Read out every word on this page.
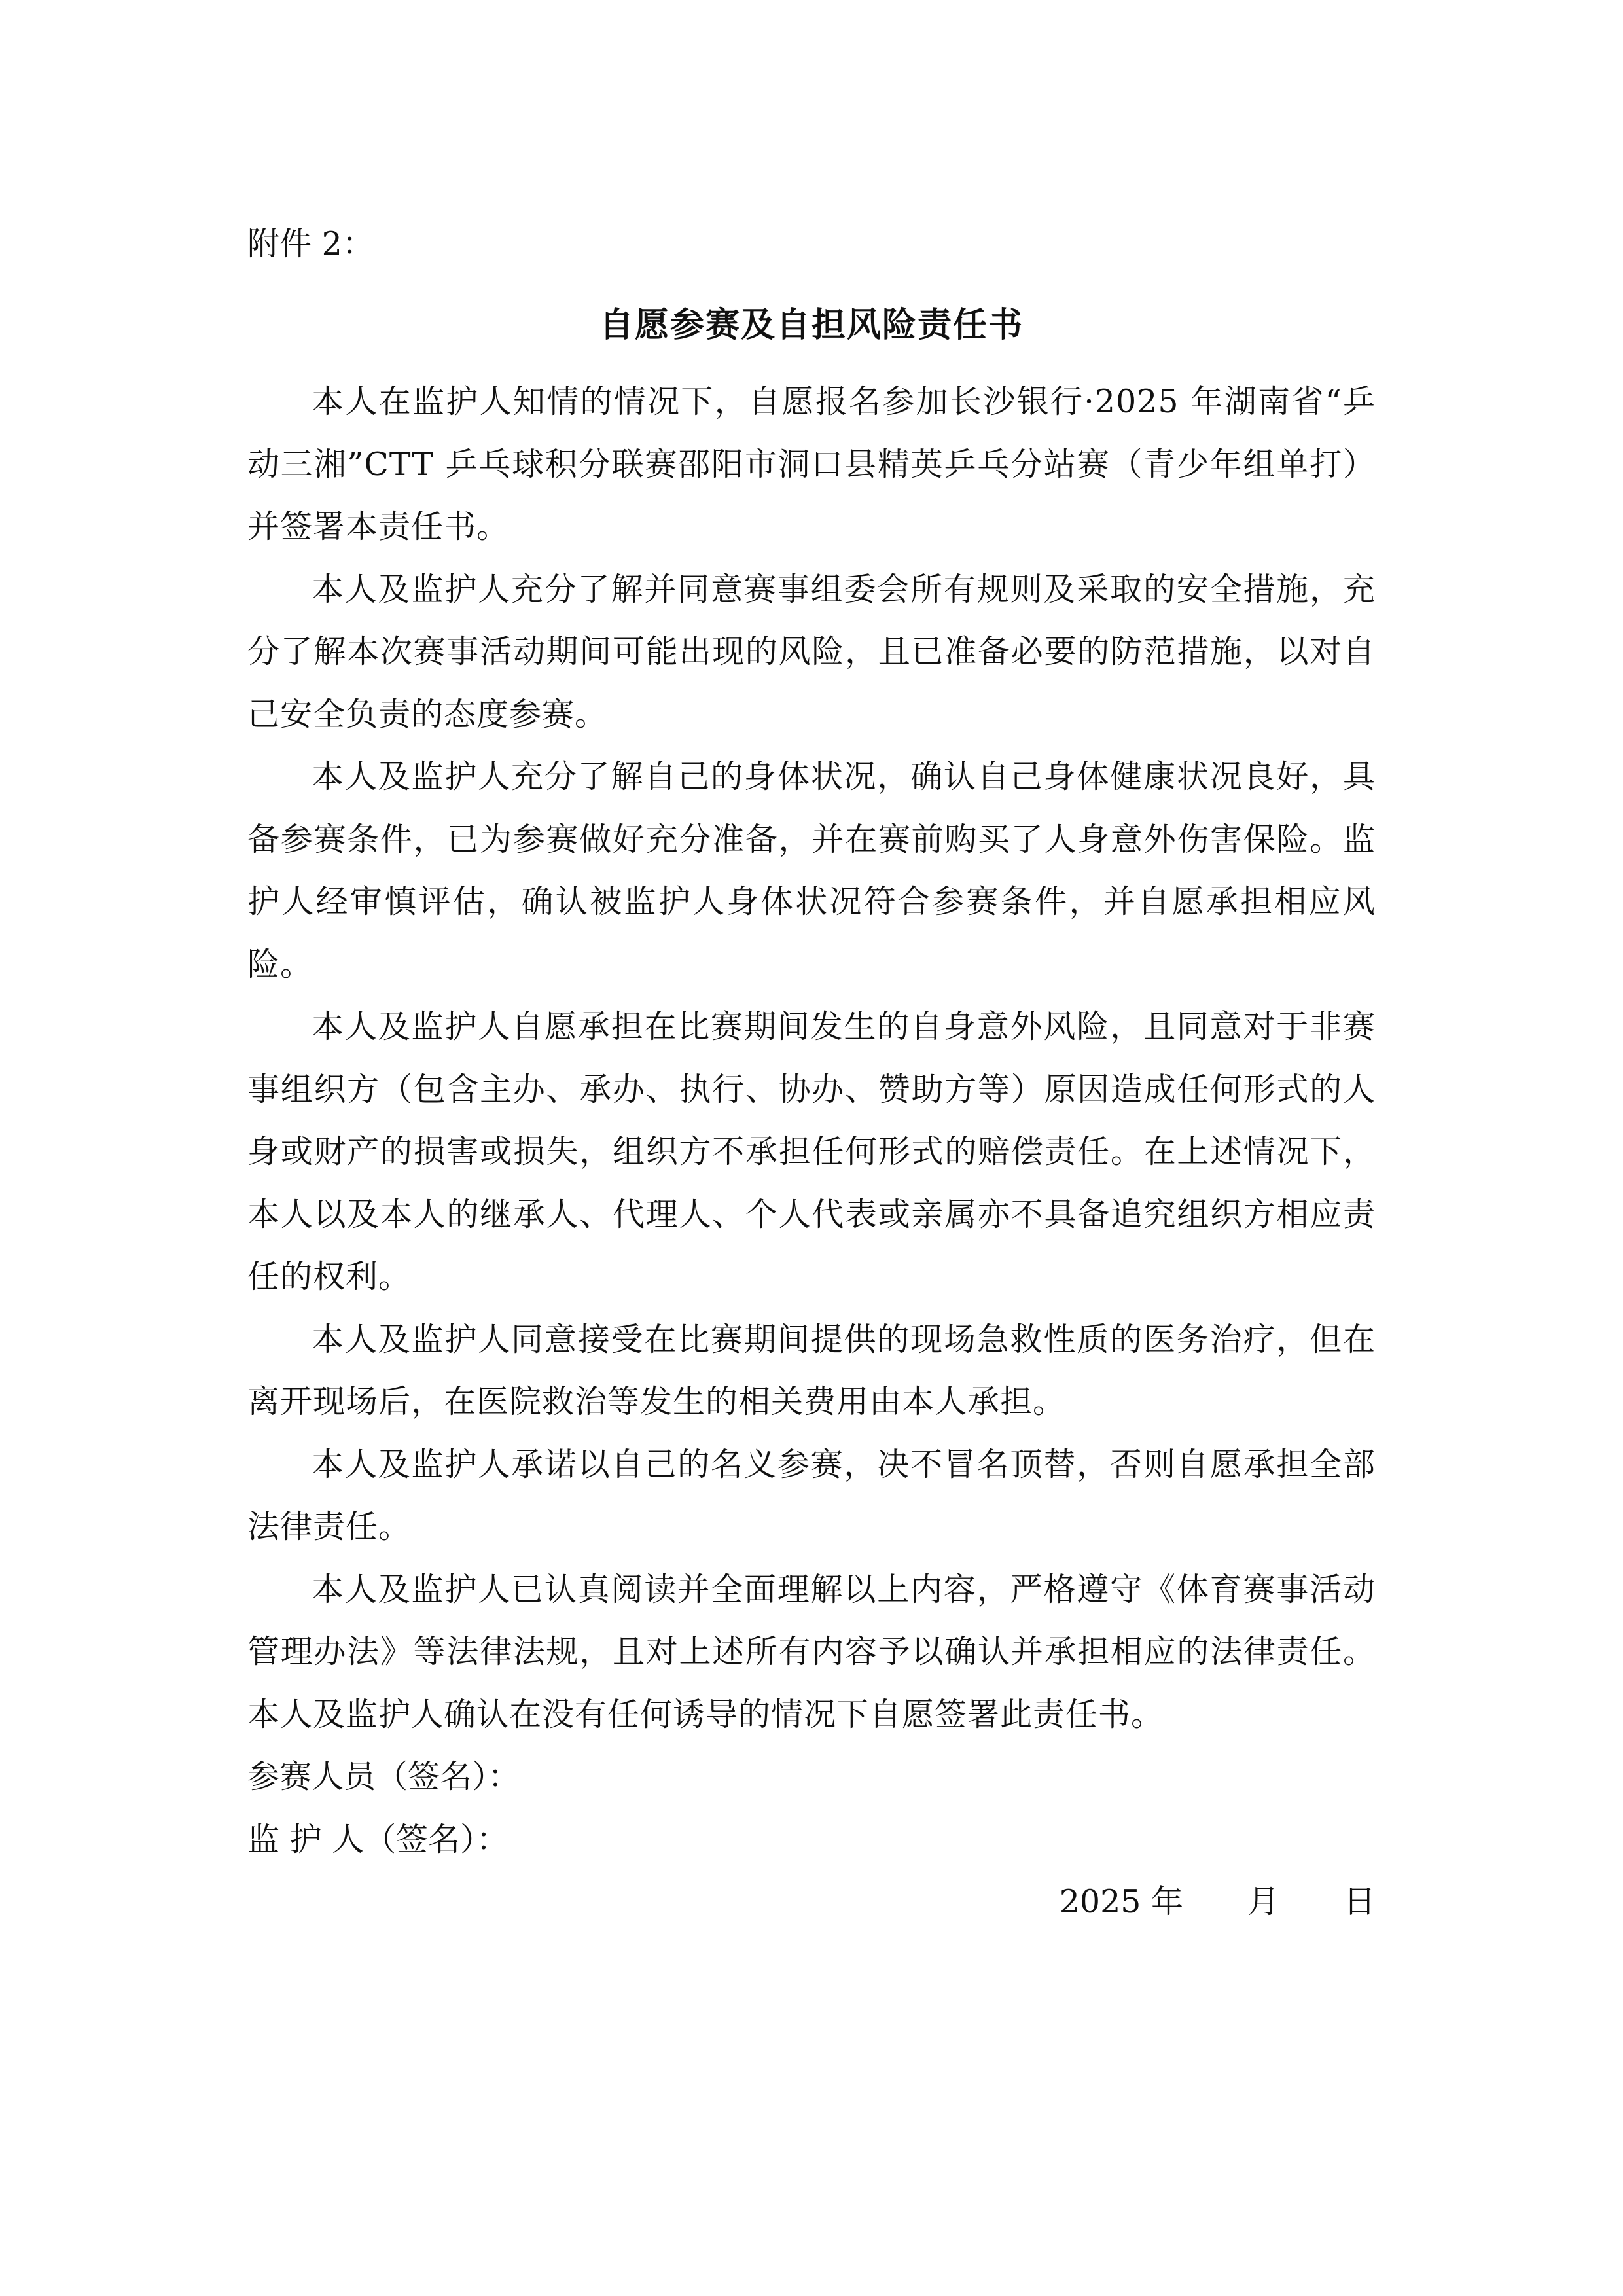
附件 2：

自愿参赛及自担风险责任书

本人在监护人知情的情况下，自愿报名参加长沙银行·2025 年湖南省“乒动三湘”CTT 乒乓球积分联赛邵阳市洞口县精英乒乓分站赛（青少年组单打）并签署本责任书。

本人及监护人充分了解并同意赛事组委会所有规则及采取的安全措施，充分了解本次赛事活动期间可能出现的风险，且已准备必要的防范措施，以对自己安全负责的态度参赛。

本人及监护人充分了解自己的身体状况，确认自己身体健康状况良好，具备参赛条件，已为参赛做好充分准备，并在赛前购买了人身意外伤害保险。监护人经审慎评估，确认被监护人身体状况符合参赛条件，并自愿承担相应风险。

本人及监护人自愿承担在比赛期间发生的自身意外风险，且同意对于非赛事组织方（包含主办、承办、执行、协办、赞助方等）原因造成任何形式的人身或财产的损害或损失，组织方不承担任何形式的赔偿责任。在上述情况下，本人以及本人的继承人、代理人、个人代表或亲属亦不具备追究组织方相应责任的权利。

本人及监护人同意接受在比赛期间提供的现场急救性质的医务治疗，但在离开现场后，在医院救治等发生的相关费用由本人承担。

本人及监护人承诺以自己的名义参赛，决不冒名顶替，否则自愿承担全部法律责任。

本人及监护人已认真阅读并全面理解以上内容，严格遵守《体育赛事活动管理办法》等法律法规，且对上述所有内容予以确认并承担相应的法律责任。本人及监护人确认在没有任何诱导的情况下自愿签署此责任书。

参赛人员（签名）：

监 护 人（签名）：

2025 年　　月　　日
